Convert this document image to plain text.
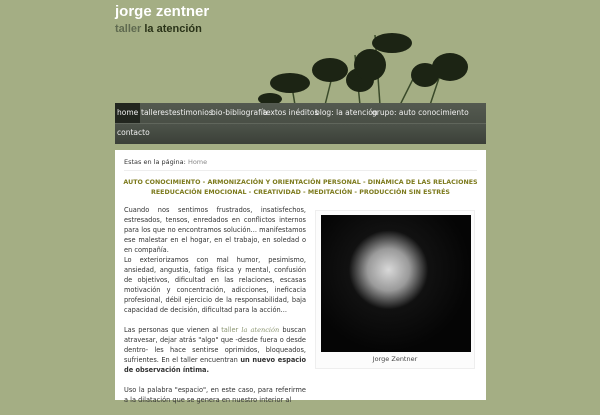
jorge zentner
taller la atención
home talleres testimonios
bio-bibliografía
textos inéditos
blog: la atención
grupo: auto conocimiento
contacto
Estas en la página: Home
AUTO CONOCIMIENTO - ARMONIZACIÓN Y ORIENTACIÓN PERSONAL - DINÁMICA DE LAS RELACIONES
REEDUCACIÓN EMOCIONAL - CREATIVIDAD - MEDITACIÓN - PRODUCCIÓN SIN ESTRÉS

Cuando nos sentimos frustrados, insatisfechos, estresados, tensos, enredados en conflictos internos para los que no encontramos solución... manifestamos ese malestar en el hogar, en el trabajo, en soledad o en compañía.
Lo exteriorizamos con mal humor, pesimismo, ansiedad, angustia, fatiga física y mental, confusión de objetivos, dificultad en las relaciones, escasas motivación y concentración, adicciones, ineficacia profesional, débil ejercicio de la responsabilidad, baja capacidad de decisión, dificultad para la acción...

Las personas que vienen al taller la atención buscan atravesar, dejar atrás "algo" que -desde fuera o desde dentro- les hace sentirse oprimidos, bloqueados, sufrientes. En el taller encuentran un nuevo espacio de observación íntima.

Uso la palabra "espacio", en este caso, para referirme a la dilatación que se genera en nuestro interior al

Jorge Zentner
